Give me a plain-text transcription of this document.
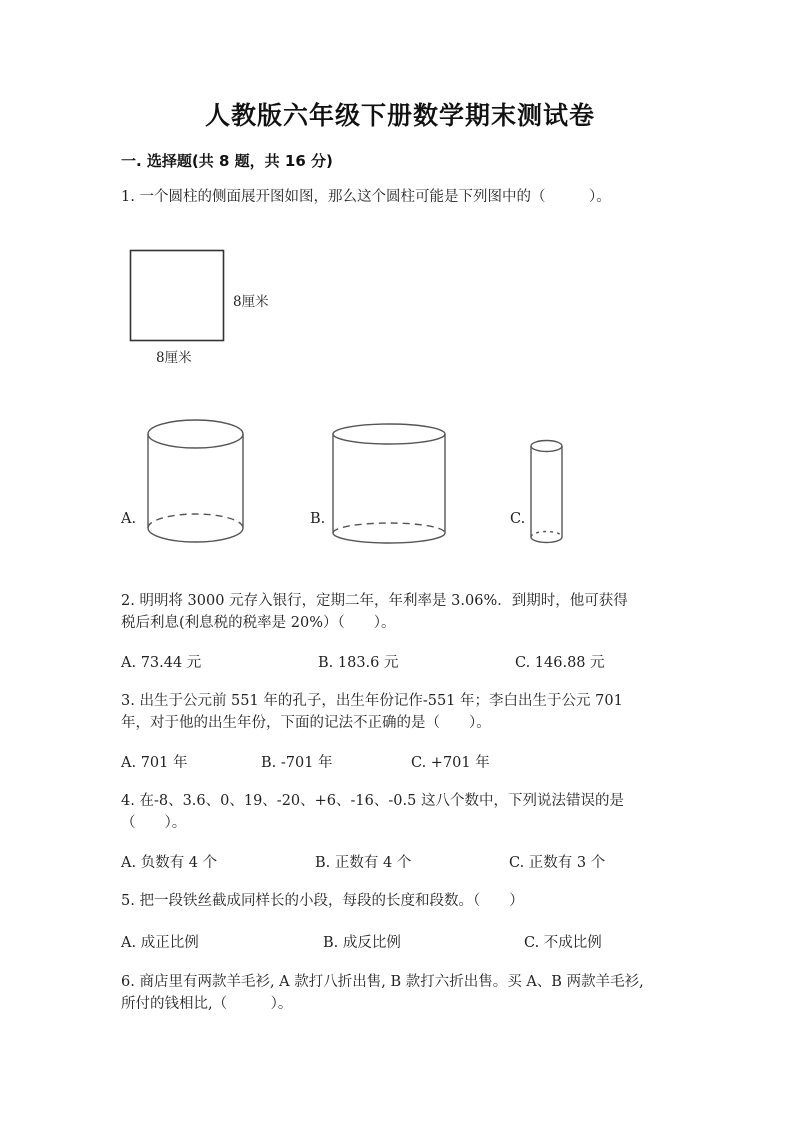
人教版六年级下册数学期末测试卷
一. 选择题(共 8 题，共 16 分)
1. 一个圆柱的侧面展开图如图，那么这个圆柱可能是下列图中的（　　　）。
8厘米
8厘米
A.	B.	C.
2. 明明将 3000 元存入银行，定期二年，年利率是 3.06%．到期时，他可获得
税后利息(利息税的税率是 20%）（　　）。
A. 73.44 元	B. 183.6 元	C. 146.88 元
3. 出生于公元前 551 年的孔子，出生年份记作-551 年；李白出生于公元 701
年，对于他的出生年份，下面的记法不正确的是（　　）。
A. 701 年	B. -701 年	C. +701 年
4. 在-8、3.6、0、19、-20、+6、-16、-0.5 这八个数中，下列说法错误的是
（　　）。
A. 负数有 4 个	B. 正数有 4 个	C. 正数有 3 个
5. 把一段铁丝截成同样长的小段，每段的长度和段数。（　　）
A. 成正比例	B. 成反比例	C. 不成比例
6. 商店里有两款羊毛衫, A 款打八折出售, B 款打六折出售。买 A、B 两款羊毛衫,
所付的钱相比,（　　　）。
